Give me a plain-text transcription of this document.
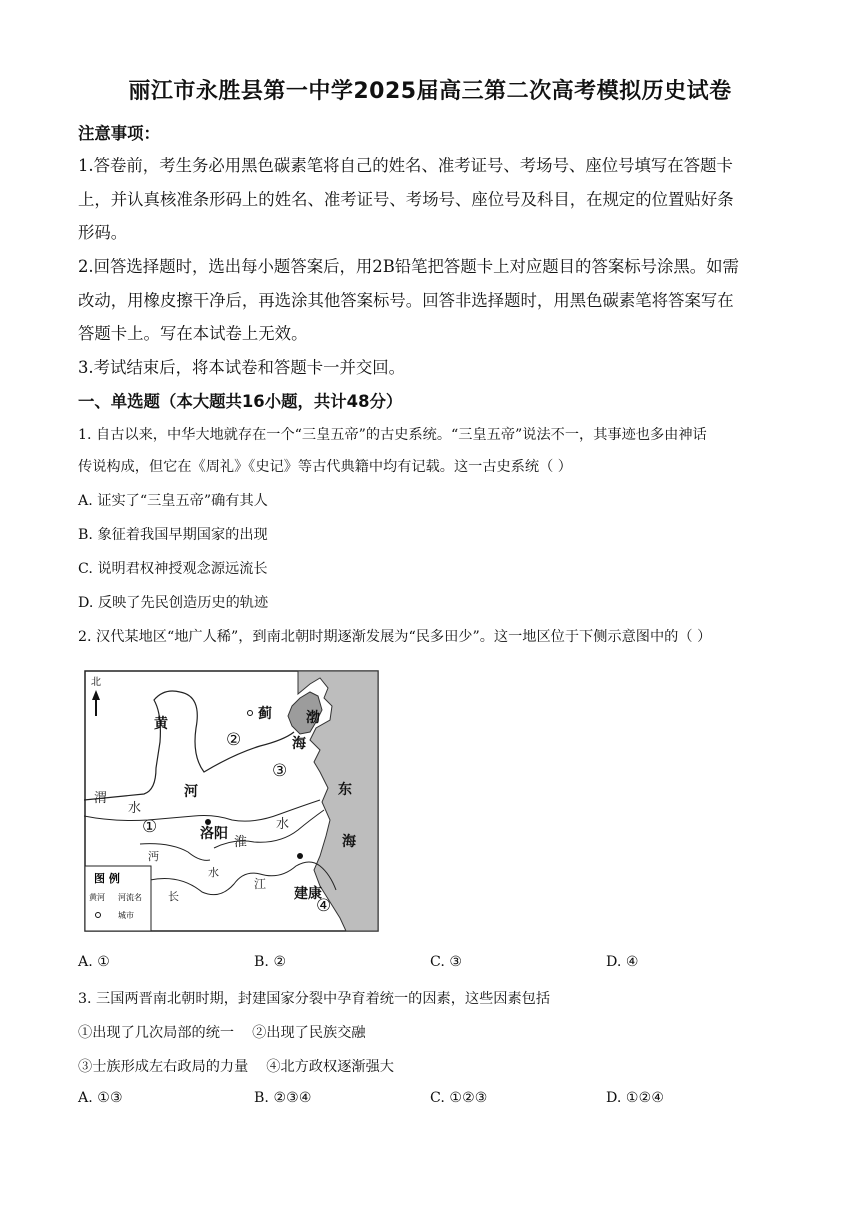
丽江市永胜县第一中学2025届高三第二次高考模拟历史试卷
注意事项：
1.答卷前，考生务必用黑色碳素笔将自己的姓名、准考证号、考场号、座位号填写在答题卡
上，并认真核准条形码上的姓名、准考证号、考场号、座位号及科目，在规定的位置贴好条
形码。
2.回答选择题时，选出每小题答案后，用2B铅笔把答题卡上对应题目的答案标号涂黑。如需
改动，用橡皮擦干净后，再选涂其他答案标号。回答非选择题时，用黑色碳素笔将答案写在
答题卡上。写在本试卷上无效。
3.考试结束后，将本试卷和答题卡一并交回。
一、单选题（本大题共16小题，共计48分）
1. 自古以来，中华大地就存在一个“三皇五帝”的古史系统。“三皇五帝”说法不一，其事迹也多由神话
传说构成，但它在《周礼》《史记》等古代典籍中均有记载。这一古史系统（ ）
A. 证实了“三皇五帝”确有其人
B. 象征着我国早期国家的出现
C. 说明君权神授观念源远流长
D. 反映了先民创造历史的轨迹
2. 汉代某地区“地广人稀”，到南北朝时期逐渐发展为“民多田少”。这一地区位于下侧示意图中的（ ）
北
黄
河
蓟 渤
海
东
海
洛阳
建康
渭
水
淮
水
沔
水
江
长
②
③
①
④
图 例
黄河 河流名
城市
A. ①	B. ②	C. ③	D. ④
3. 三国两晋南北朝时期，封建国家分裂中孕育着统一的因素，这些因素包括
①出现了几次局部的统一    ②出现了民族交融
③士族形成左右政局的力量    ④北方政权逐渐强大
A. ①③	B. ②③④	C. ①②③	D. ①②④
